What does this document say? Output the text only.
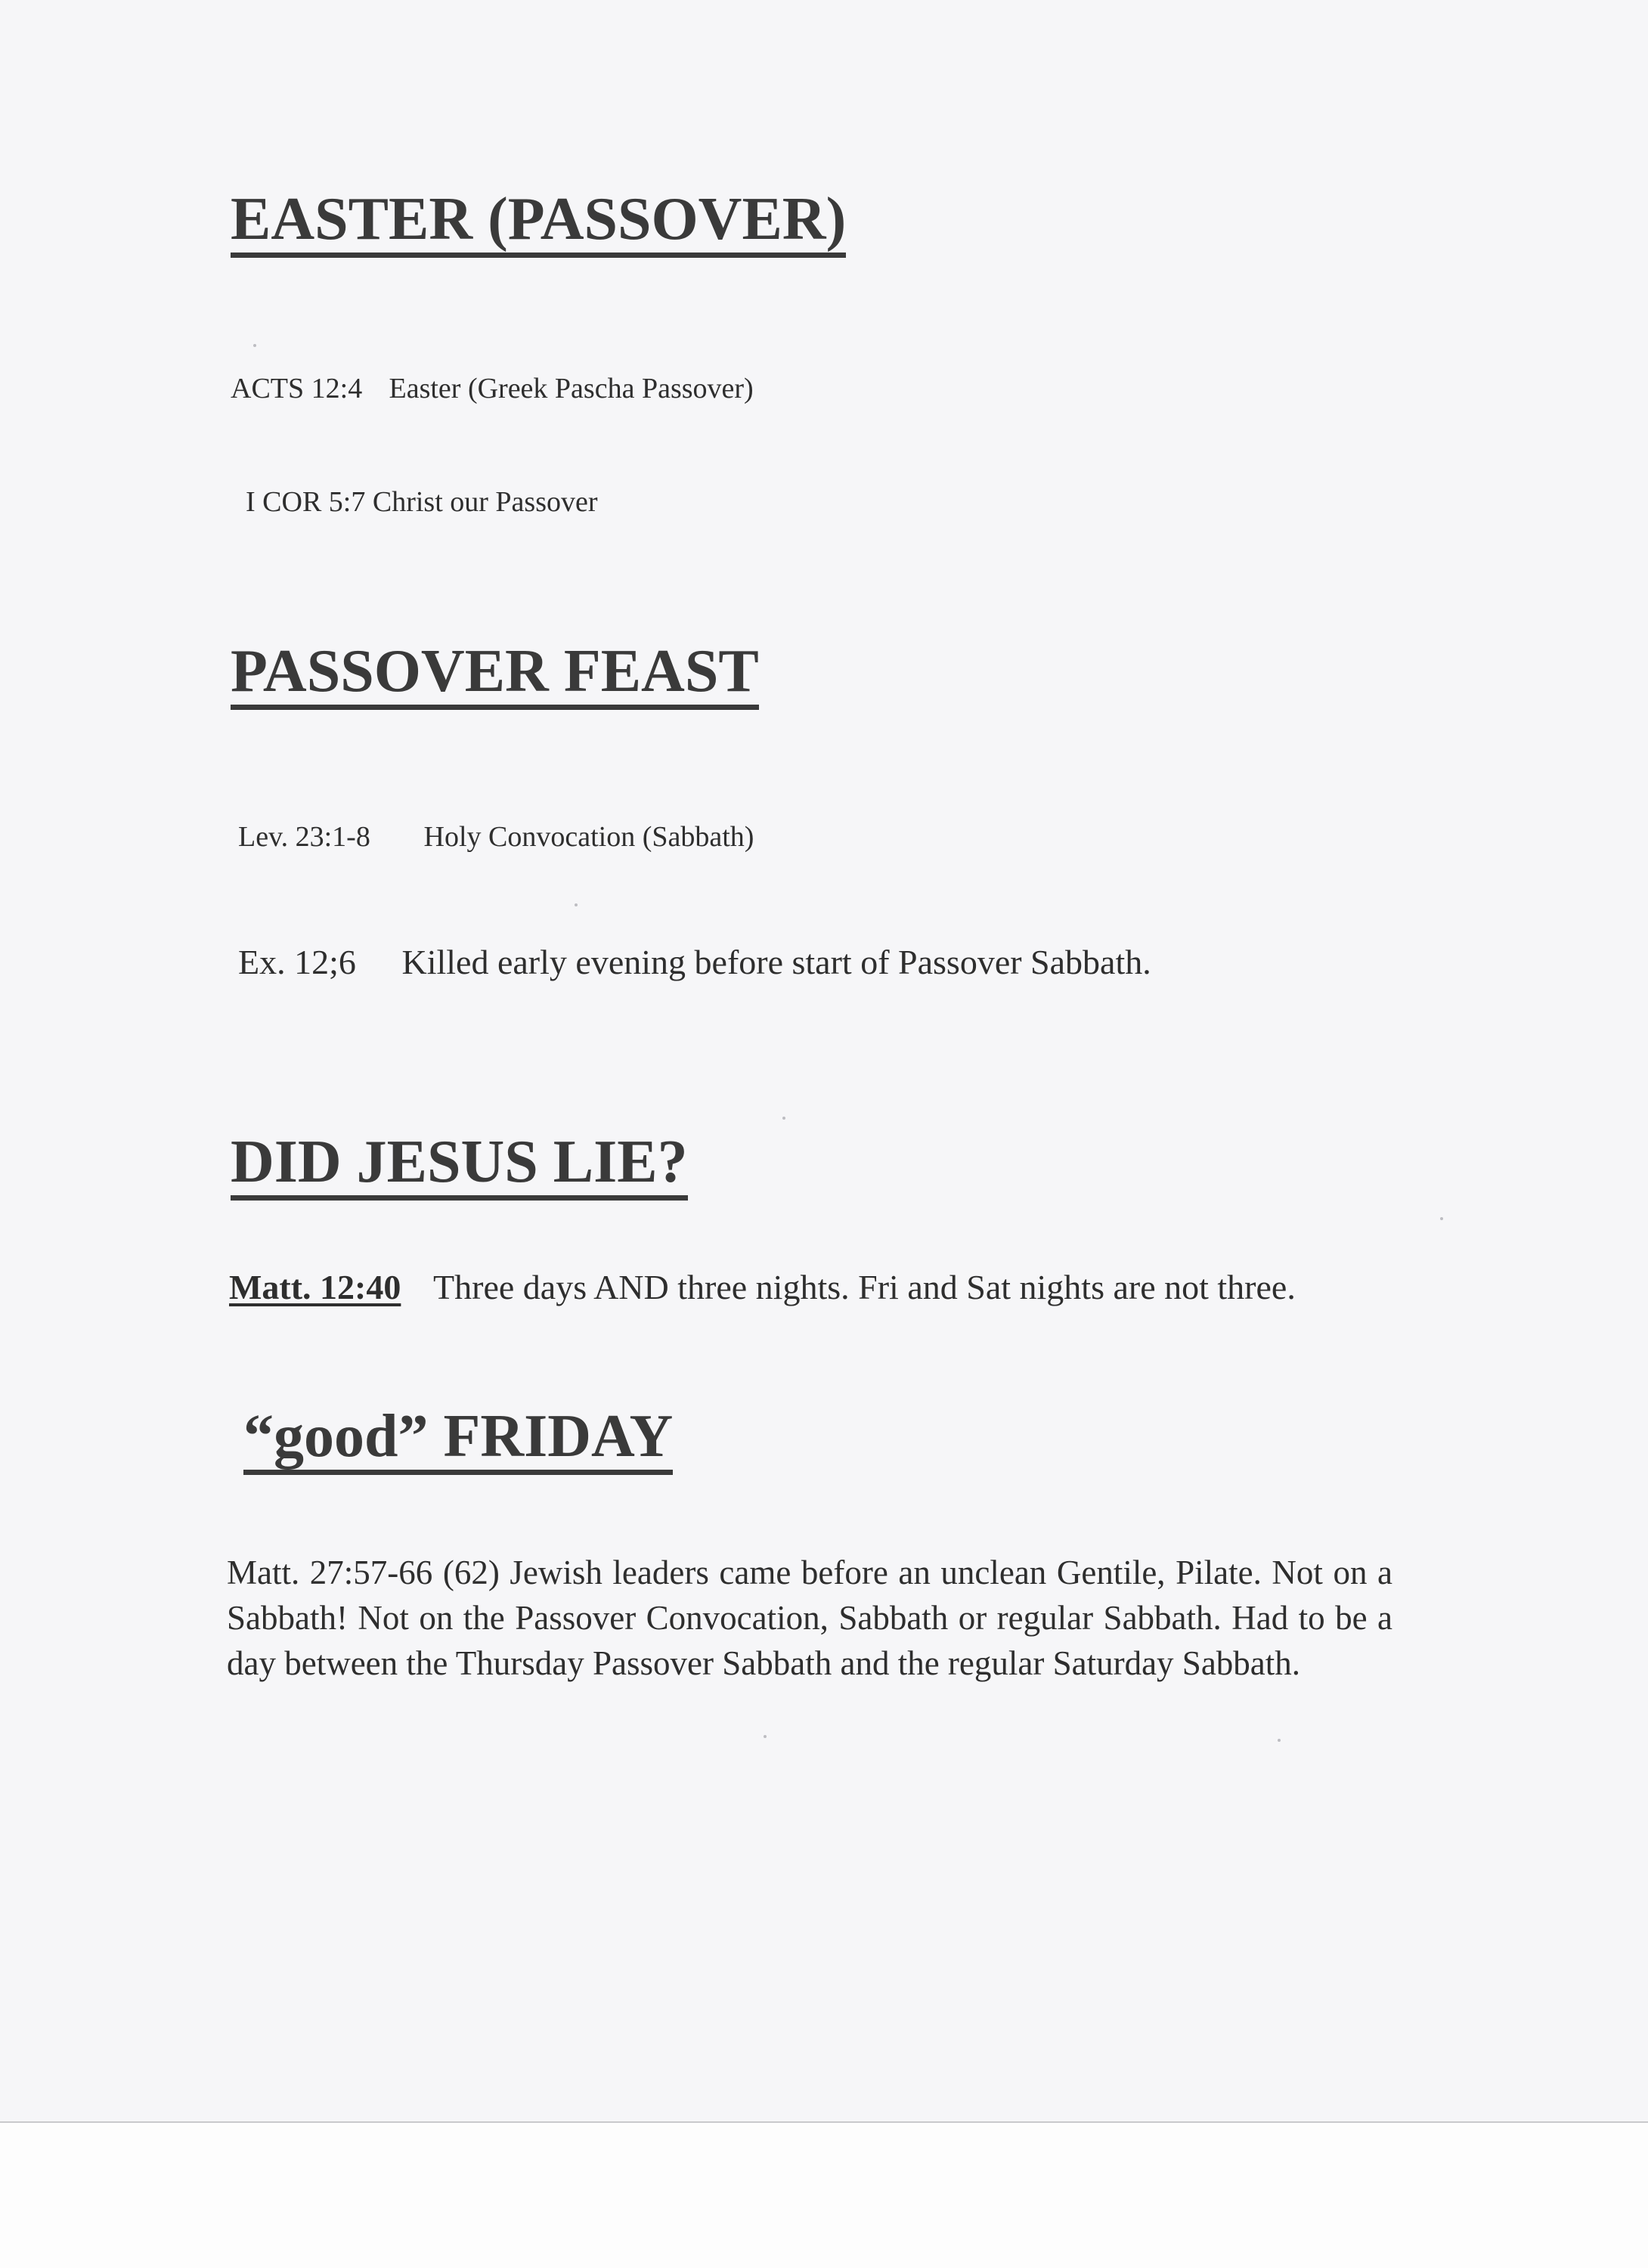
EASTER (PASSOVER)

ACTS 12:4 Easter (Greek Pascha Passover)

I COR 5:7 Christ our Passover

PASSOVER FEAST

Lev. 23:1-8 Holy Convocation (Sabbath)

Ex. 12;6 Killed early evening before start of Passover Sabbath.

DID JESUS LIE?

Matt. 12:40 Three days AND three nights. Fri and Sat nights are not three.

“good” FRIDAY

Matt. 27:57-66 (62) Jewish leaders came before an unclean Gentile, Pilate. Not on a Sabbath! Not on the Passover Convocation, Sabbath or regular Sabbath. Had to be a day between the Thursday Passover Sabbath and the regular Saturday Sabbath.
